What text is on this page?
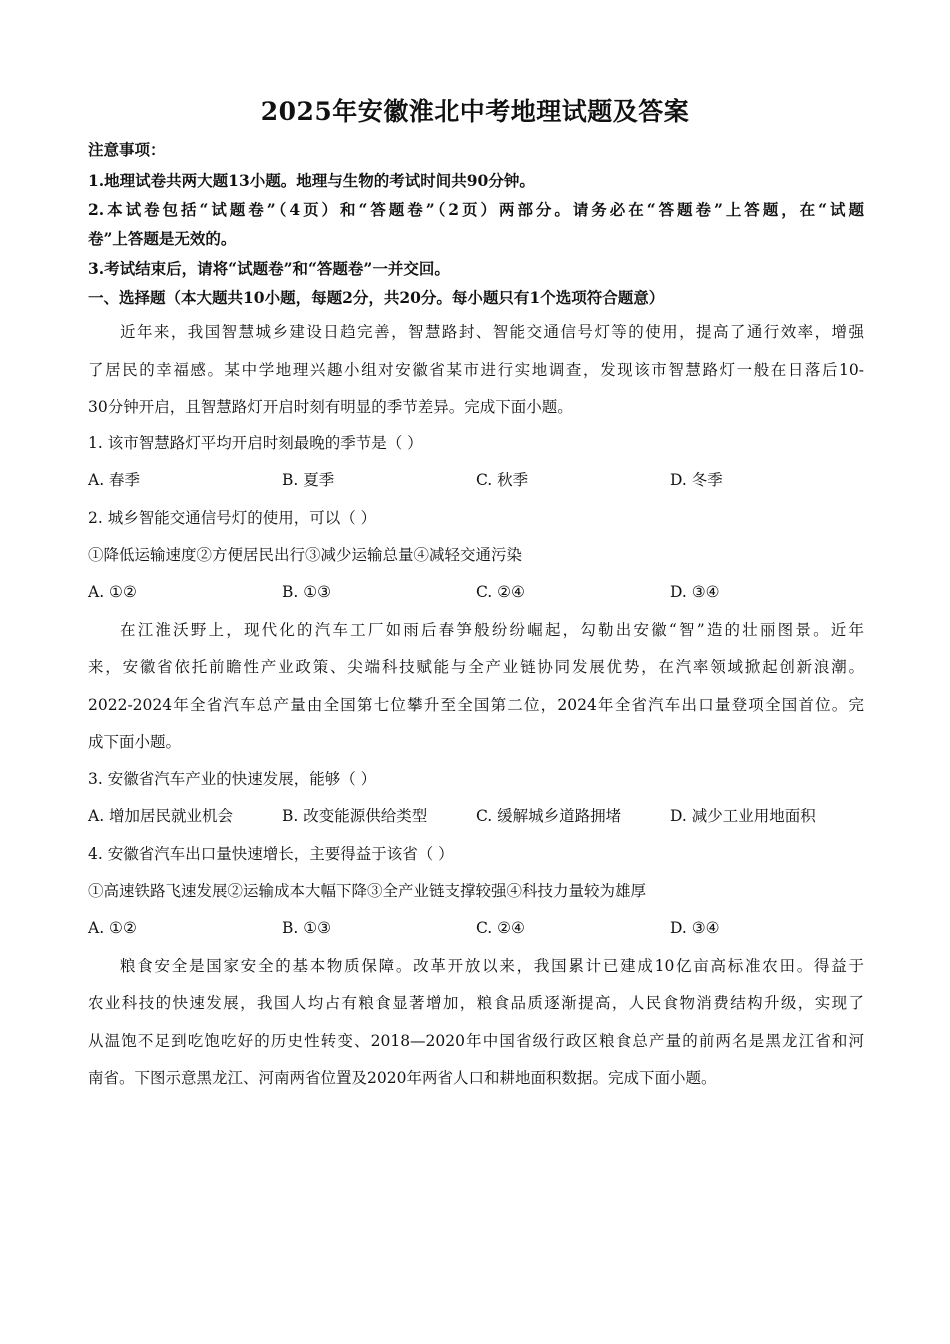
2025年安徽淮北中考地理试题及答案
注意事项：
1.地理试卷共两大题13小题。地理与生物的考试时间共90分钟。
2.本试卷包括“试题卷”（4页）和“答题卷”（2页）两部分。请务必在“答题卷”上答题，在“试题
卷”上答题是无效的。
3.考试结束后，请将“试题卷”和“答题卷”一并交回。
一、选择题（本大题共10小题，每题2分，共20分。每小题只有1个选项符合题意）
近年来，我国智慧城乡建设日趋完善，智慧路封、智能交通信号灯等的使用，提高了通行效率，增强
了居民的幸福感。某中学地理兴趣小组对安徽省某市进行实地调查，发现该市智慧路灯一般在日落后10-
30分钟开启，且智慧路灯开启时刻有明显的季节差异。完成下面小题。
1. 该市智慧路灯平均开启时刻最晚的季节是（ ）
A. 春季	B. 夏季	C. 秋季	D. 冬季
2. 城乡智能交通信号灯的使用，可以（ ）
①降低运输速度②方便居民出行③减少运输总量④减轻交通污染
A. ①②	B. ①③	C. ②④	D. ③④
在江淮沃野上，现代化的汽车工厂如雨后春笋般纷纷崛起，勾勒出安徽“智”造的壮丽图景。近年
来，安徽省依托前瞻性产业政策、尖端科技赋能与全产业链协同发展优势，在汽率领域掀起创新浪潮。
2022-2024年全省汽车总产量由全国第七位攀升至全国第二位，2024年全省汽车出口量登项全国首位。完
成下面小题。
3. 安徽省汽车产业的快速发展，能够（ ）
A. 增加居民就业机会	B. 改变能源供给类型	C. 缓解城乡道路拥堵	D. 减少工业用地面积
4. 安徽省汽车出口量快速增长，主要得益于该省（ ）
①高速铁路飞速发展②运输成本大幅下降③全产业链支撑较强④科技力量较为雄厚
A. ①②	B. ①③	C. ②④	D. ③④
粮食安全是国家安全的基本物质保障。改革开放以来，我国累计已建成10亿亩高标准农田。得益于
农业科技的快速发展，我国人均占有粮食显著增加，粮食品质逐渐提高，人民食物消费结构升级，实现了
从温饱不足到吃饱吃好的历史性转变、2018—2020年中国省级行政区粮食总产量的前两名是黑龙江省和河
南省。下图示意黑龙江、河南两省位置及2020年两省人口和耕地面积数据。完成下面小题。
